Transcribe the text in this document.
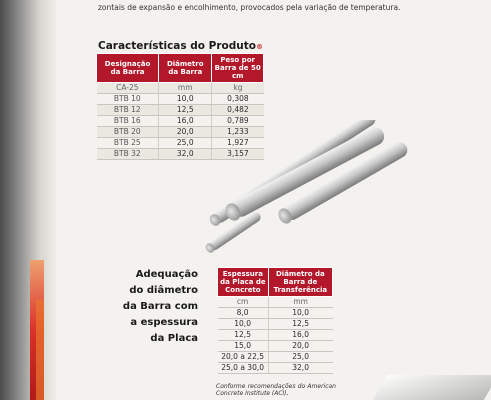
zontais de expansão e encolhimento, provocados pela variação de temperatura.

Características do Produto®
Designação da Barra	Diâmetro da Barra	Peso por Barra de 50 cm
CA-25	mm	kg
BTB 10	10,0	0,308
BTB 12	12,5	0,482
BTB 16	16,0	0,789
BTB 20	20,0	1,233
BTB 25	25,0	1,927
BTB 32	32,0	3,157
Adequação
do diâmetro
da Barra com
a espessura
da Placa
Espessura da Placa de Concreto	Diâmetro da Barra de Transferência
cm	mm
8,0	10,0
10,0	12,5
12,5	16,0
15,0	20,0
20,0 a 22,5	25,0
25,0 a 30,0	32,0
Conforme recomendações do American Concrete Institute (ACI),
